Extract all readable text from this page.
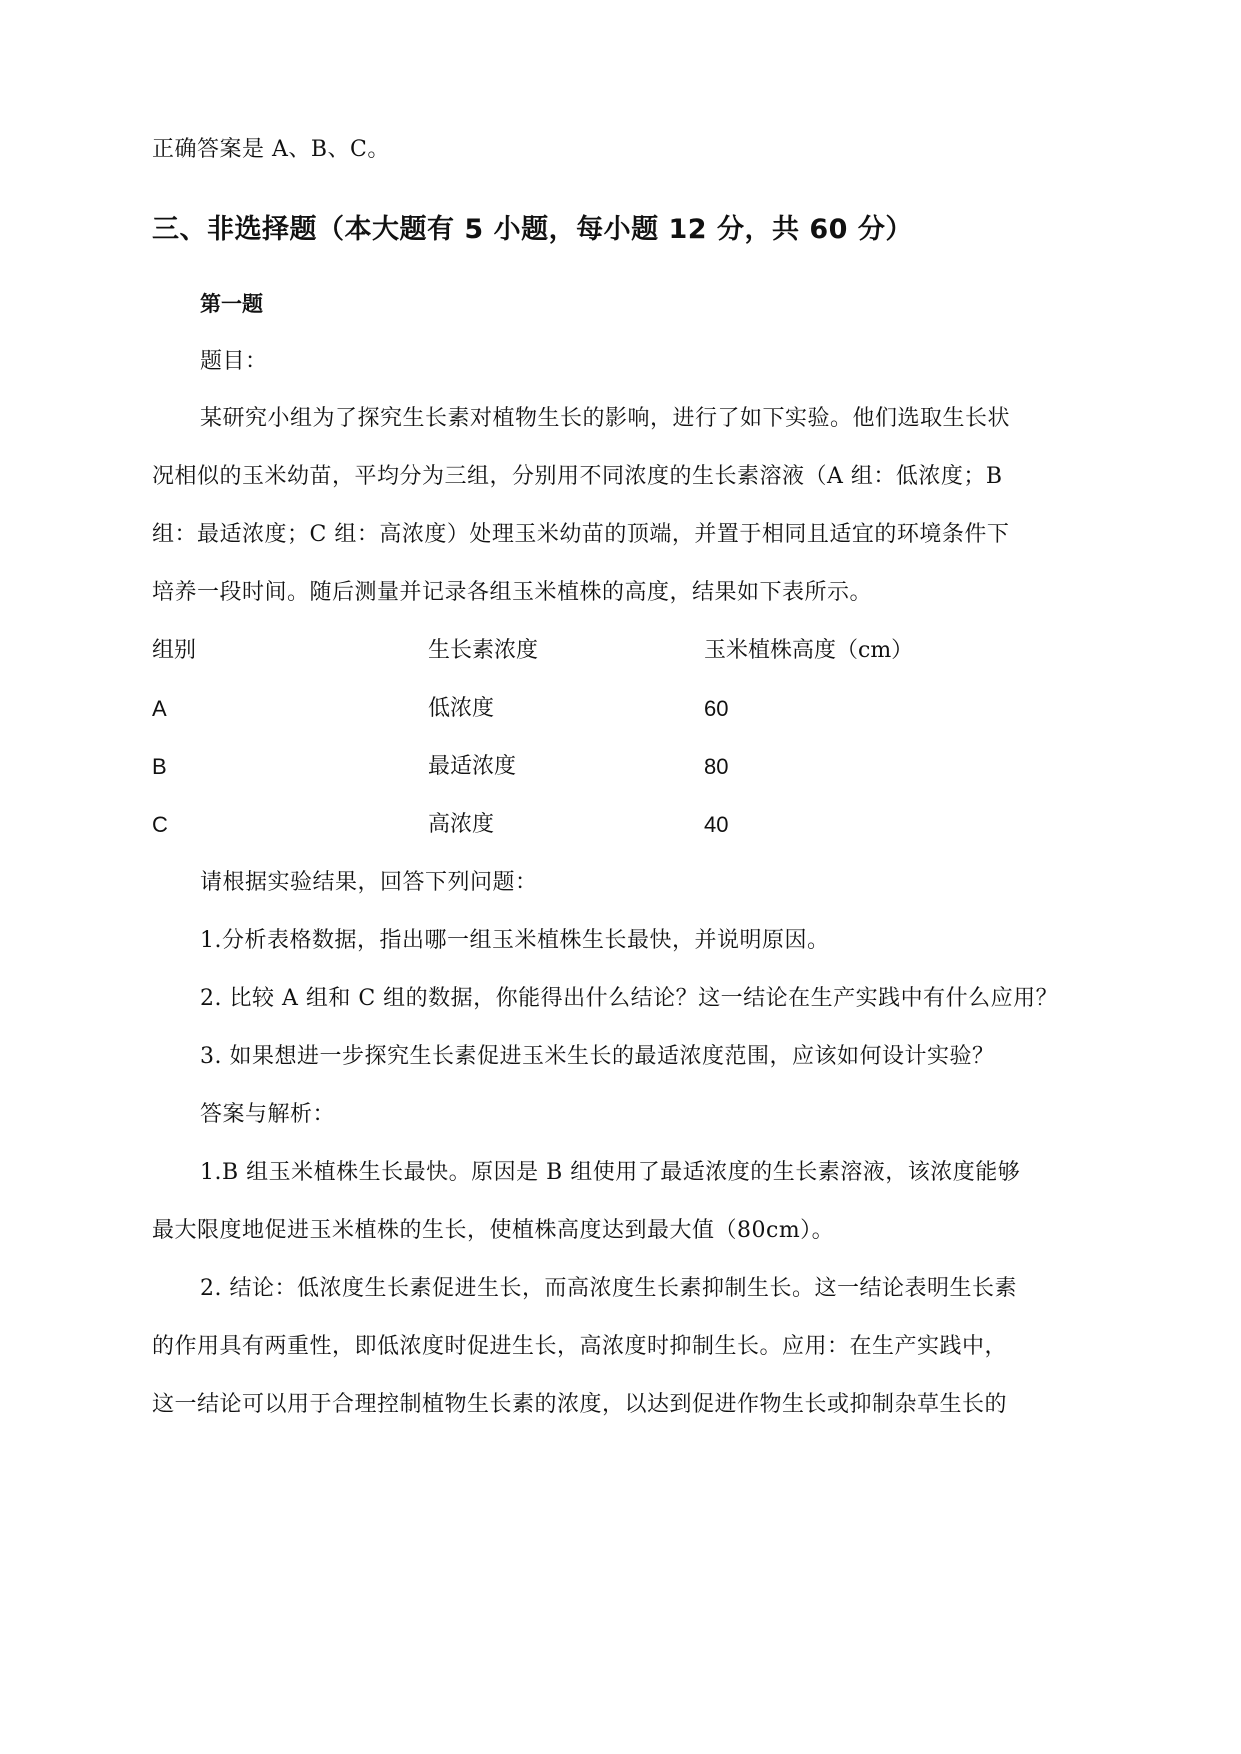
正确答案是 A、B、C。
三、非选择题（本大题有 5 小题，每小题 12 分，共 60 分）
第一题
题目：
某研究小组为了探究生长素对植物生长的影响，进行了如下实验。他们选取生长状
况相似的玉米幼苗，平均分为三组，分别用不同浓度的生长素溶液（A 组：低浓度；B
组：最适浓度；C 组：高浓度）处理玉米幼苗的顶端，并置于相同且适宜的环境条件下
培养一段时间。随后测量并记录各组玉米植株的高度，结果如下表所示。
组别	生长素浓度	玉米植株高度（cm）
A	低浓度	60
B	最适浓度	80
C	高浓度	40
请根据实验结果，回答下列问题：
1.分析表格数据，指出哪一组玉米植株生长最快，并说明原因。
2. 比较 A 组和 C 组的数据，你能得出什么结论？这一结论在生产实践中有什么应用？
3. 如果想进一步探究生长素促进玉米生长的最适浓度范围，应该如何设计实验？
答案与解析：
1.B 组玉米植株生长最快。原因是 B 组使用了最适浓度的生长素溶液，该浓度能够
最大限度地促进玉米植株的生长，使植株高度达到最大值（80cm）。
2. 结论：低浓度生长素促进生长，而高浓度生长素抑制生长。这一结论表明生长素
的作用具有两重性，即低浓度时促进生长，高浓度时抑制生长。应用：在生产实践中，
这一结论可以用于合理控制植物生长素的浓度，以达到促进作物生长或抑制杂草生长的
